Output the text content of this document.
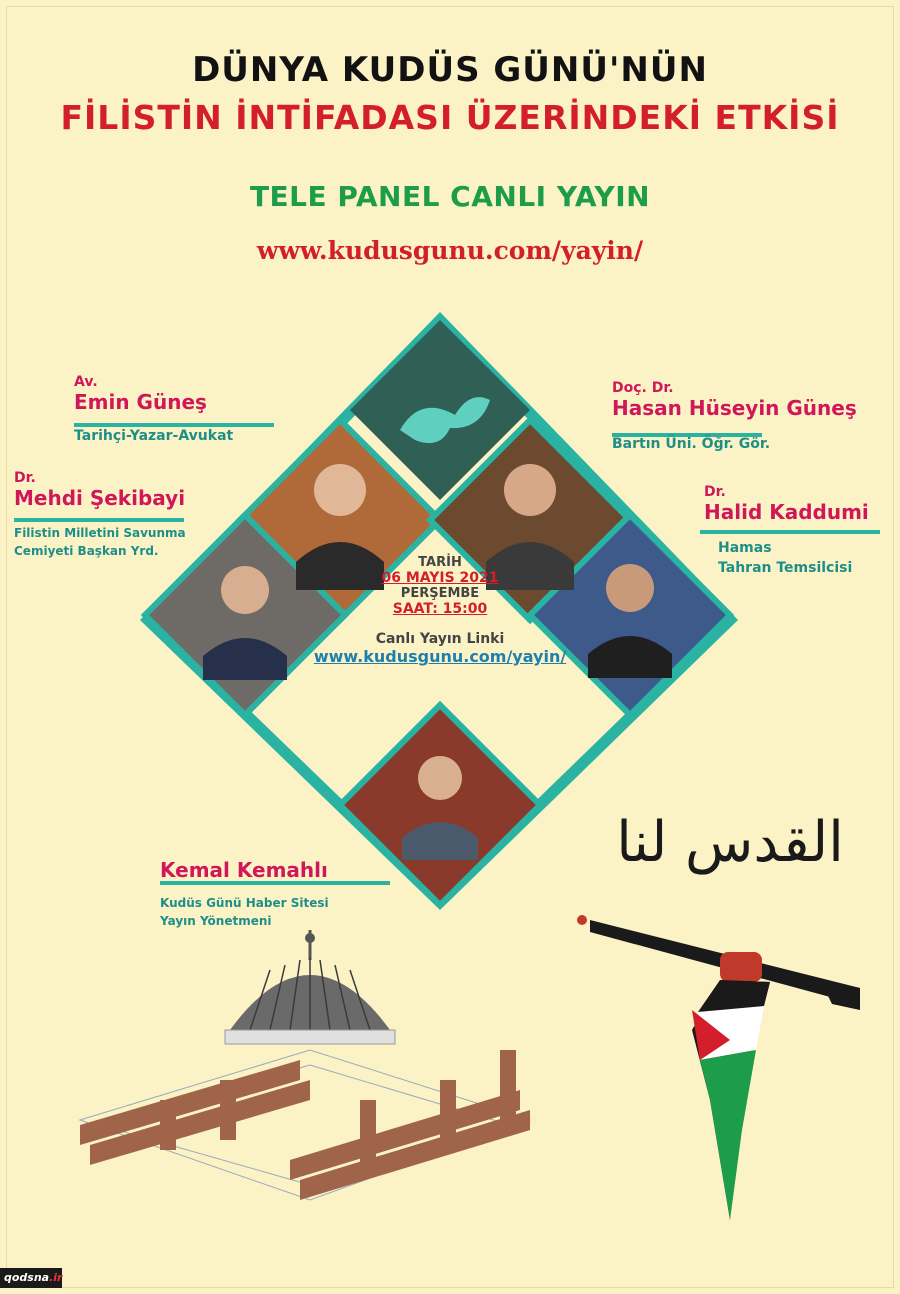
DÜNYA KUDÜS GÜNÜ'NÜN
FİLİSTİN İNTİFADASI ÜZERİNDEKİ ETKİSİ
TELE PANEL CANLI YAYIN
www.kudusgunu.com/yayin/
Av.
Emin Güneş
Tarihçi-Yazar-Avukat
Dr.
Mehdi Şekibayi
Filistin Milletini Savunma
Cemiyeti Başkan Yrd.
Doç. Dr.
Hasan Hüseyin Güneş
Bartın Üni. Öğr. Gör.
Dr.
Halid Kaddumi
Hamas
Tahran Temsilcisi
Kemal Kemahlı
Kudüs Günü Haber Sitesi
Yayın Yönetmeni
TARİH
06 MAYIS 2021
PERŞEMBE
SAAT: 15:00
Canlı Yayın Linki
www.kudusgunu.com/yayin/
القدس لنا
qodsna.ir
